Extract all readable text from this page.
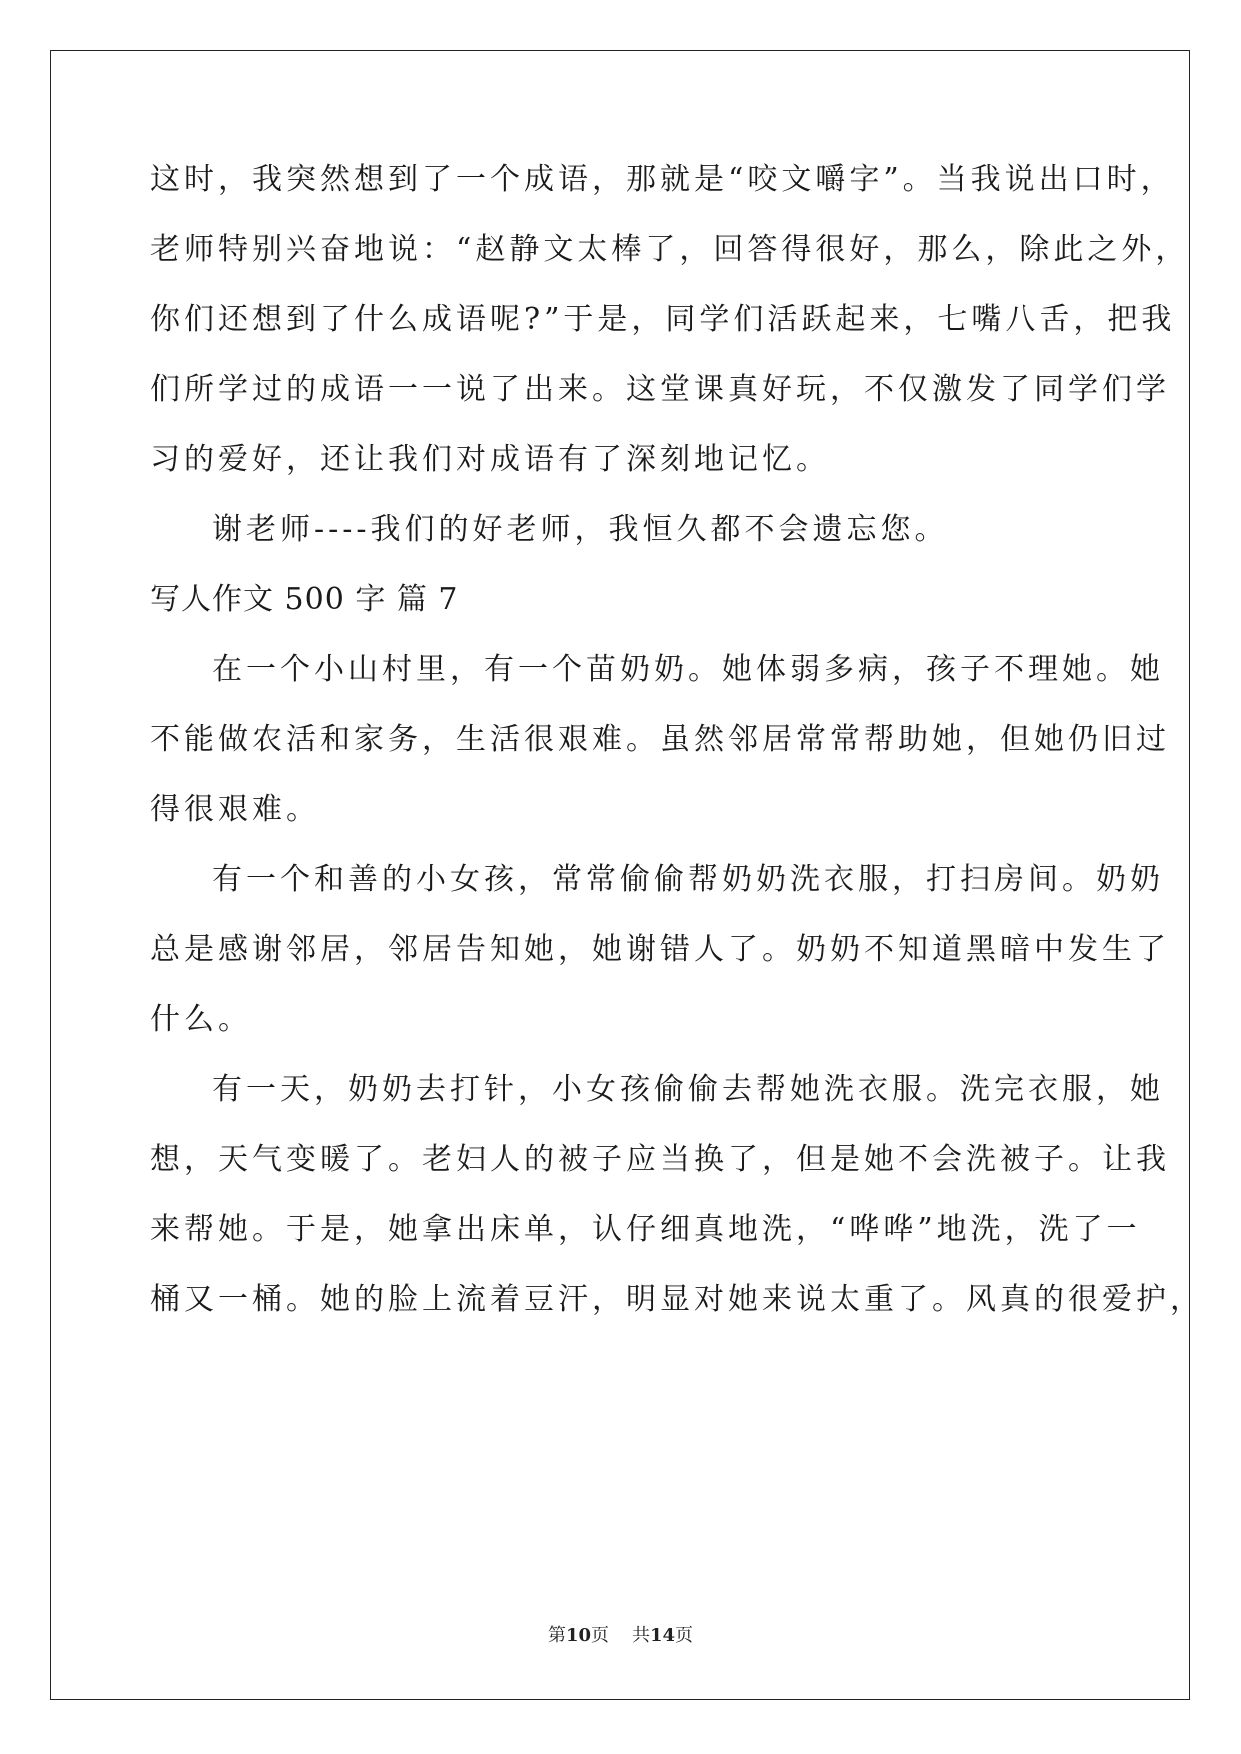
这时，我突然想到了一个成语，那就是“咬文嚼字”。当我说出口时，
老师特别兴奋地说：“赵静文太棒了，回答得很好，那么，除此之外，
你们还想到了什么成语呢?”于是，同学们活跃起来，七嘴八舌，把我
们所学过的成语一一说了出来。这堂课真好玩，不仅激发了同学们学
习的爱好，还让我们对成语有了深刻地记忆。
谢老师----我们的好老师，我恒久都不会遗忘您。
写人作文 500 字 篇 7
在一个小山村里，有一个苗奶奶。她体弱多病，孩子不理她。她
不能做农活和家务，生活很艰难。虽然邻居常常帮助她，但她仍旧过
得很艰难。
有一个和善的小女孩，常常偷偷帮奶奶洗衣服，打扫房间。奶奶
总是感谢邻居，邻居告知她，她谢错人了。奶奶不知道黑暗中发生了
什么。
有一天，奶奶去打针，小女孩偷偷去帮她洗衣服。洗完衣服，她
想，天气变暖了。老妇人的被子应当换了，但是她不会洗被子。让我
来帮她。于是，她拿出床单，认仔细真地洗，“哗哗”地洗，洗了一
桶又一桶。她的脸上流着豆汗，明显对她来说太重了。风真的很爱护，
第10页 共14页
